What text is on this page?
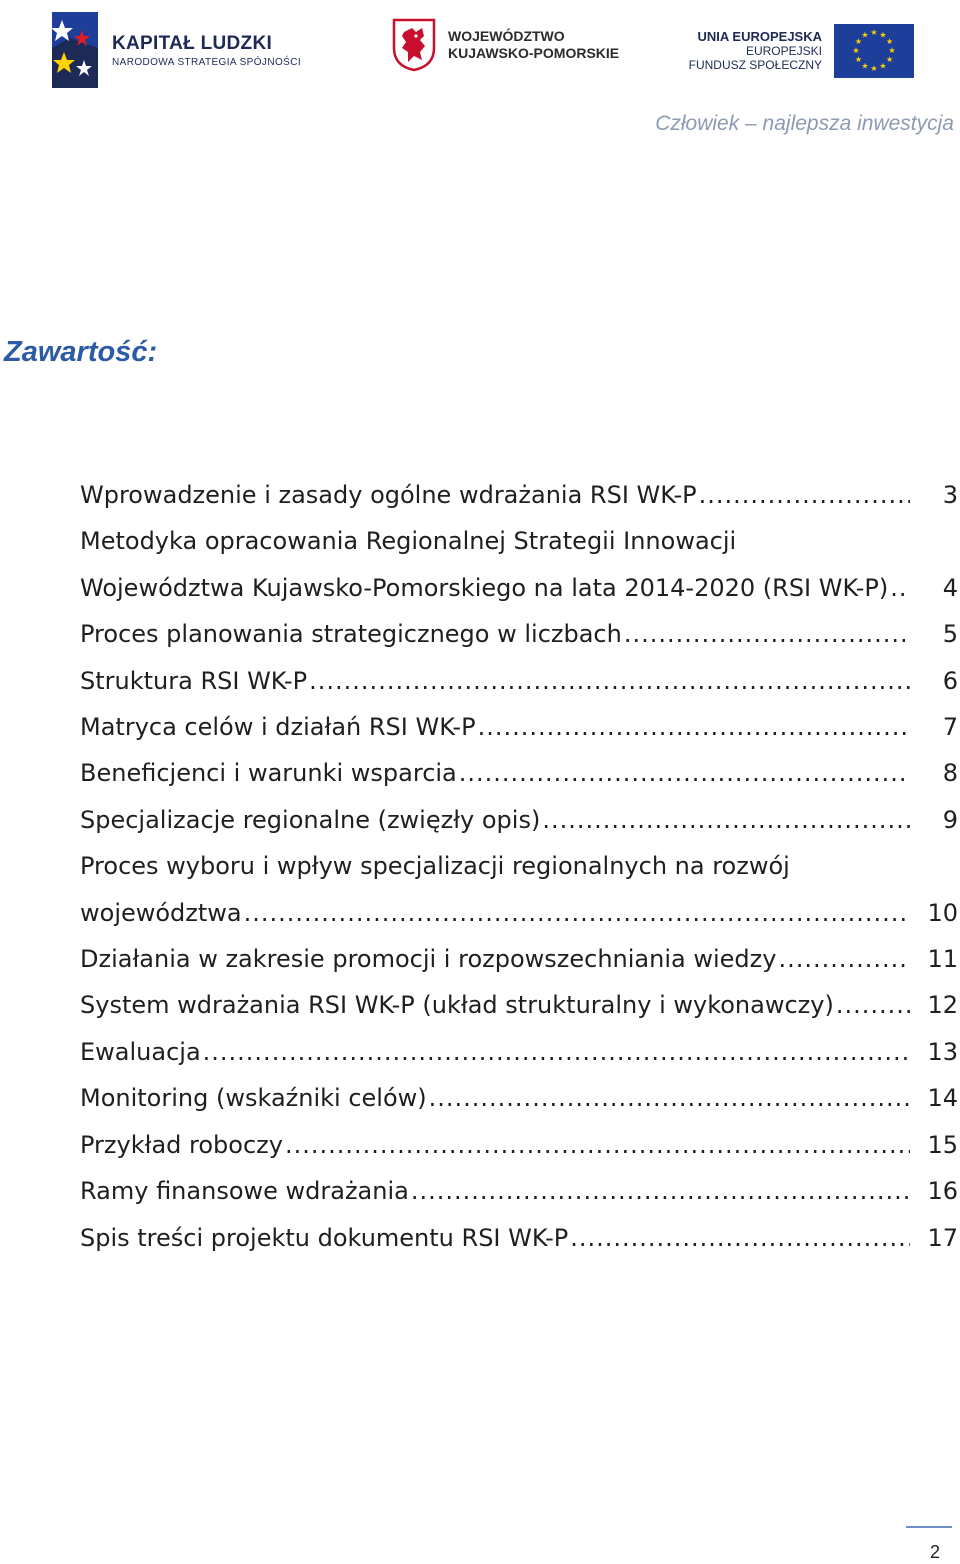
KAPITAŁ LUDZKI
NARODOWA STRATEGIA SPÓJNOŚCI
WOJEWÓDZTWO
KUJAWSKO-POMORSKIE
UNIA EUROPEJSKA
EUROPEJSKI
FUNDUSZ SPOŁECZNY
★ ★
★
★
★
★
★
★
★
★
★
★
Człowiek – najlepsza inwestycja
Zawartość:
Wprowadzenie i zasady ogólne wdrażania RSI WK-P .....	3
Metodyka opracowania Regionalnej Strategii Innowacji
Województwa Kujawsko-Pomorskiego na lata 2014-2020 (RSI WK-P) .....	4
Proces planowania strategicznego w liczbach .....	5
Struktura RSI WK-P .....	6
Matryca celów i działań RSI WK-P .....	7
Beneficjenci i warunki wsparcia .....	8
Specjalizacje regionalne (zwięzły opis) .....	9
Proces wyboru i wpływ specjalizacji regionalnych na rozwój
województwa .....	10
Działania w zakresie promocji i rozpowszechniania wiedzy .....	11
System wdrażania RSI WK-P (układ strukturalny i wykonawczy) .....	12
Ewaluacja .....	13
Monitoring (wskaźniki celów) .....	14
Przykład roboczy .....	15
Ramy finansowe wdrażania .....	16
Spis treści projektu dokumentu RSI WK-P .....	17
2
